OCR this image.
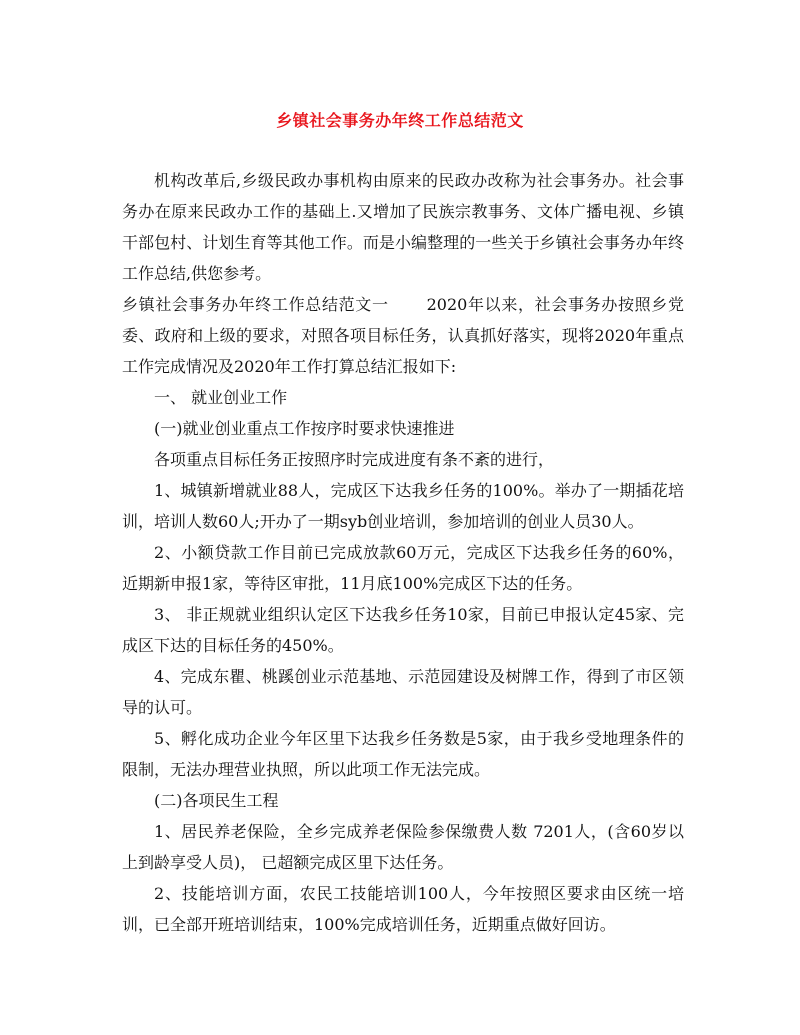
乡镇社会事务办年终工作总结范文

机构改革后,乡级民政办事机构由原来的民政办改称为社会事务办。社会事务办在原来民政办工作的基础上.又增加了民族宗教事务、文体广播电视、乡镇干部包村、计划生育等其他工作。而是小编整理的一些关于乡镇社会事务办年终工作总结,供您参考。

乡镇社会事务办年终工作总结范文一 2020年以来，社会事务办按照乡党委、政府和上级的要求，对照各项目标任务，认真抓好落实，现将2020年重点工作完成情况及2020年工作打算总结汇报如下:

一、 就业创业工作

(一)就业创业重点工作按序时要求快速推进

各项重点目标任务正按照序时完成进度有条不紊的进行，

1、城镇新增就业88人，完成区下达我乡任务的100%。举办了一期插花培训，培训人数60人;开办了一期syb创业培训，参加培训的创业人员30人。

2、小额贷款工作目前已完成放款60万元，完成区下达我乡任务的60%，近期新申报1家，等待区审批，11月底100%完成区下达的任务。

3、 非正规就业组织认定区下达我乡任务10家，目前已申报认定45家、完成区下达的目标任务的450%。

4、完成东瞿、桃蹊创业示范基地、示范园建设及树牌工作，得到了市区领导的认可。

5、孵化成功企业今年区里下达我乡任务数是5家，由于我乡受地理条件的限制，无法办理营业执照，所以此项工作无法完成。

(二)各项民生工程

1、居民养老保险，全乡完成养老保险参保缴费人数 7201人，(含60岁以上到龄享受人员)， 已超额完成区里下达任务。

2、技能培训方面，农民工技能培训100人，今年按照区要求由区统一培训，已全部开班培训结束，100%完成培训任务，近期重点做好回访。
